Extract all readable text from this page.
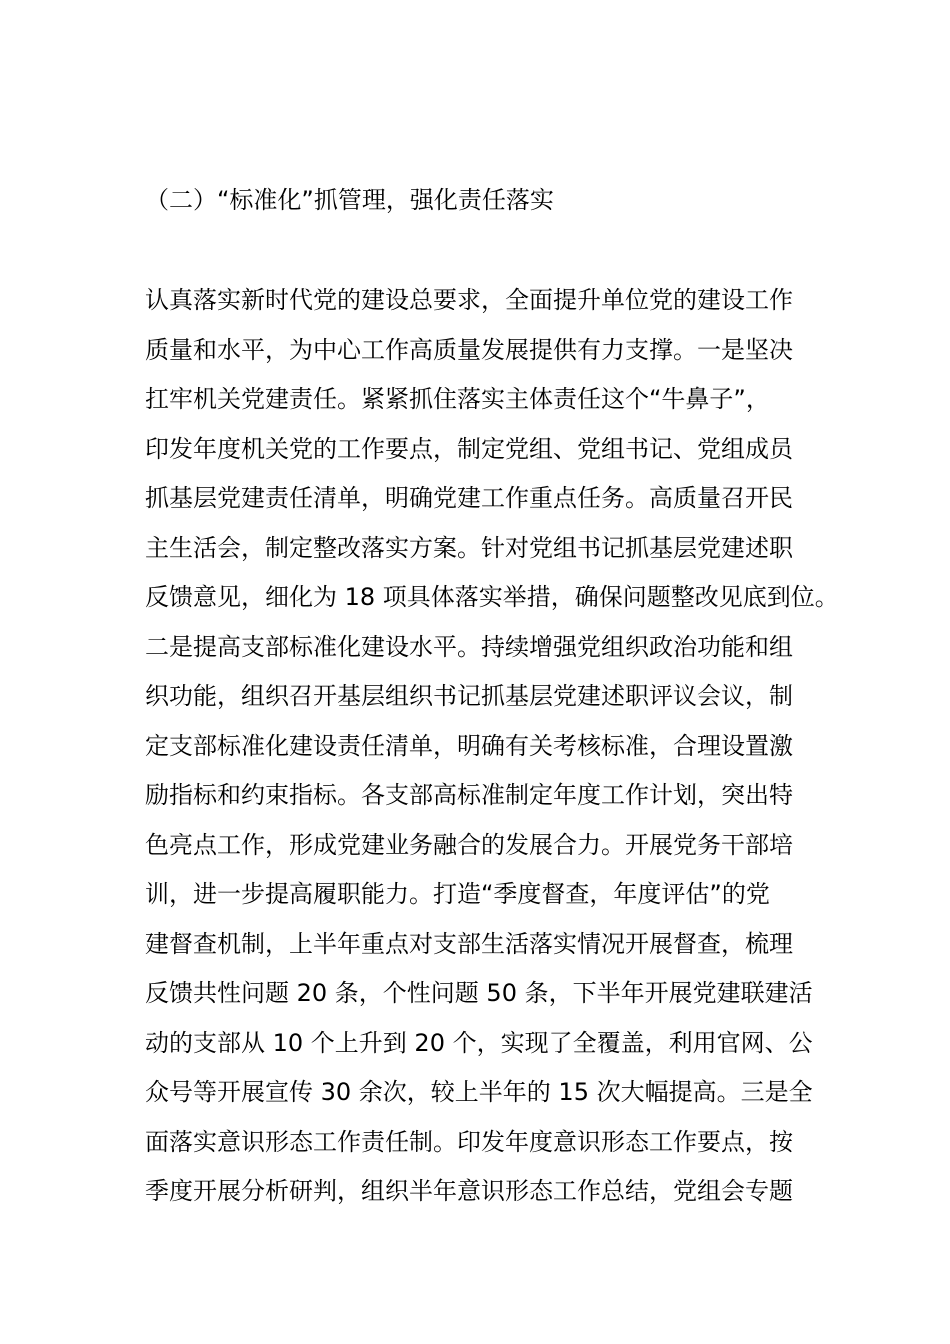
（二）“标准化”抓管理，强化责任落实
认真落实新时代党的建设总要求，全面提升单位党的建设工作
质量和水平，为中心工作高质量发展提供有力支撑。一是坚决
扛牢机关党建责任。紧紧抓住落实主体责任这个“牛鼻子”，
印发年度机关党的工作要点，制定党组、党组书记、党组成员
抓基层党建责任清单，明确党建工作重点任务。高质量召开民
主生活会，制定整改落实方案。针对党组书记抓基层党建述职
反馈意见，细化为 18 项具体落实举措，确保问题整改见底到位。
二是提高支部标准化建设水平。持续增强党组织政治功能和组
织功能，组织召开基层组织书记抓基层党建述职评议会议，制
定支部标准化建设责任清单，明确有关考核标准，合理设置激
励指标和约束指标。各支部高标准制定年度工作计划，突出特
色亮点工作，形成党建业务融合的发展合力。开展党务干部培
训，进一步提高履职能力。打造“季度督查，年度评估”的党
建督查机制，上半年重点对支部生活落实情况开展督查，梳理
反馈共性问题 20 条，个性问题 50 条，下半年开展党建联建活
动的支部从 10 个上升到 20 个，实现了全覆盖，利用官网、公
众号等开展宣传 30 余次，较上半年的 15 次大幅提高。三是全
面落实意识形态工作责任制。印发年度意识形态工作要点，按
季度开展分析研判，组织半年意识形态工作总结，党组会专题
